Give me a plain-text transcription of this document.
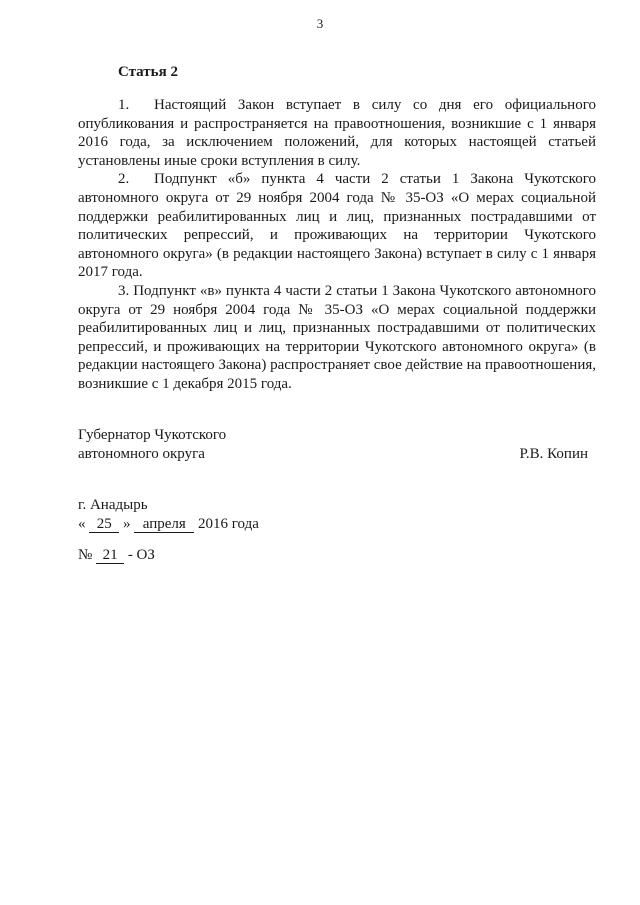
3
Статья 2

1. Настоящий Закон вступает в силу со дня его официального опубликования и распространяется на правоотношения, возникшие с 1 января 2016 года, за исключением положений, для которых настоящей статьей установлены иные сроки вступления в силу.

2. Подпункт «б» пункта 4 части 2 статьи 1 Закона Чукотского автономного округа от 29 ноября 2004 года № 35-ОЗ «О мерах социальной поддержки реабилитированных лиц и лиц, признанных пострадавшими от политических репрессий, и проживающих на территории Чукотского автономного округа» (в редакции настоящего Закона) вступает в силу с 1 января 2017 года.

3. Подпункт «в» пункта 4 части 2 статьи 1 Закона Чукотского автономного округа от 29 ноября 2004 года № 35-ОЗ «О мерах социальной поддержки реабилитированных лиц и лиц, признанных пострадавшими от политических репрессий, и проживающих на территории Чукотского автономного округа» (в редакции настоящего Закона) распространяет свое действие на правоотношения, возникшие с 1 декабря 2015 года.

Губернатор Чукотского
автономного округа	Р.В. Копин
г. Анадырь
« 25 » апреля 2016 года
№ 21 - ОЗ
